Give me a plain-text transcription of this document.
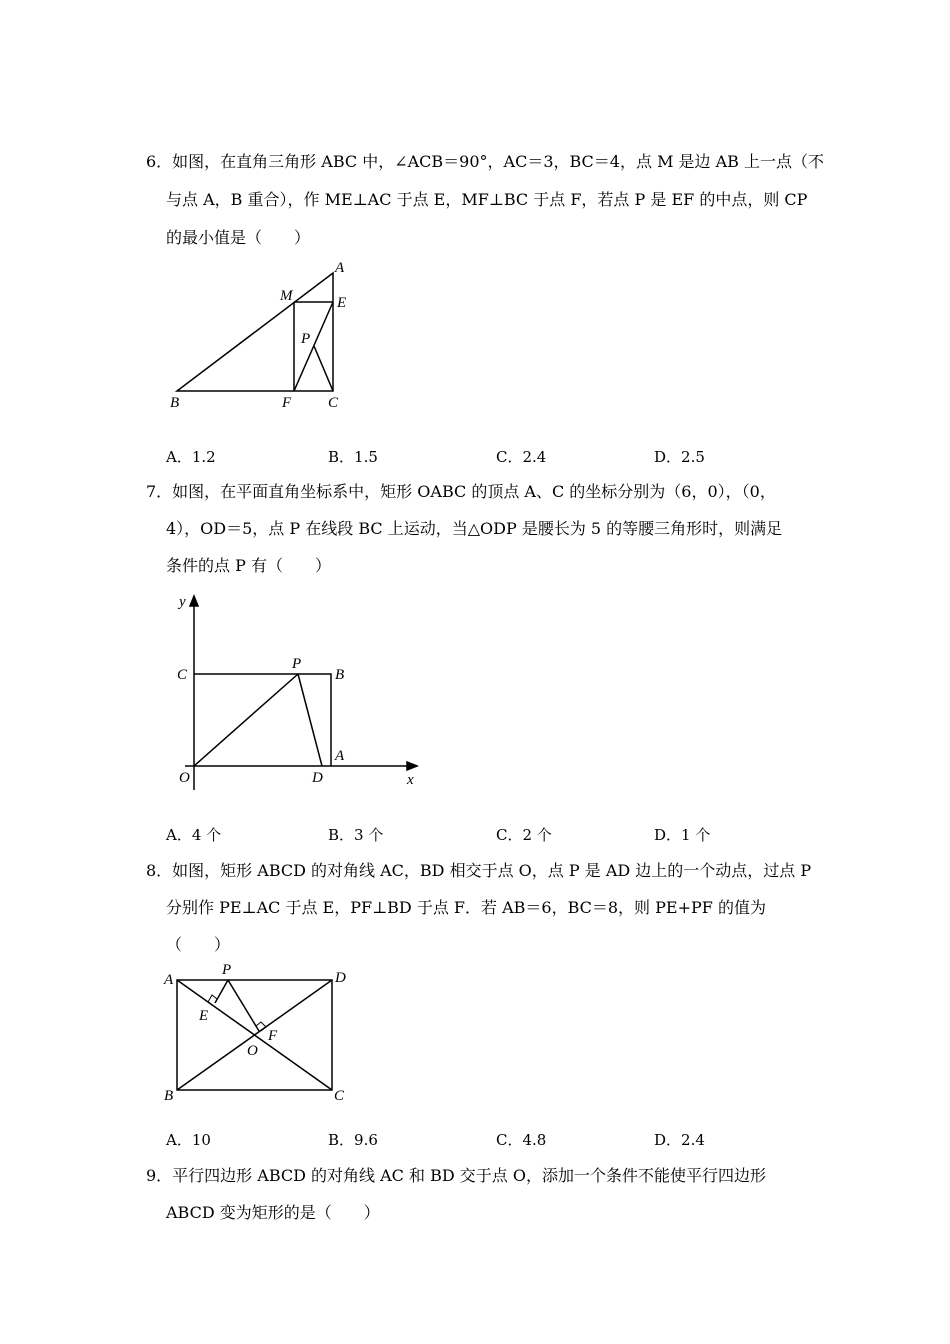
6．如图，在直角三角形 ABC 中，∠ACB＝90°，AC＝3，BC＝4，点 M 是边 AB 上一点（不
与点 A，B 重合），作 ME⊥AC 于点 E，MF⊥BC 于点 F，若点 P 是 EF 的中点，则 CP
的最小值是（　　）
A
M	E
P
B	F C
A．1.2	B．1.5	C．2.4	D．2.5
7．如图，在平面直角坐标系中，矩形 OABC 的顶点 A、C 的坐标分别为（6，0），（0，
4），OD＝5，点 P 在线段 BC 上运动，当△ODP 是腰长为 5 的等腰三角形时，则满足
条件的点 P 有（　　）
y
x
C
P
B
A
O	D
A．4 个	B．3 个	C．2 个	D．1 个
8．如图，矩形 ABCD 的对角线 AC，BD 相交于点 O，点 P 是 AD 边上的一个动点，过点 P
分别作 PE⊥AC 于点 E，PF⊥BD 于点 F．若 AB＝6，BC＝8，则 PE+PF 的值为
（　　）
A
P	D
E
F
O
B	C
A．10	B．9.6	C．4.8	D．2.4
9．平行四边形 ABCD 的对角线 AC 和 BD 交于点 O，添加一个条件不能使平行四边形
ABCD 变为矩形的是（　　）
